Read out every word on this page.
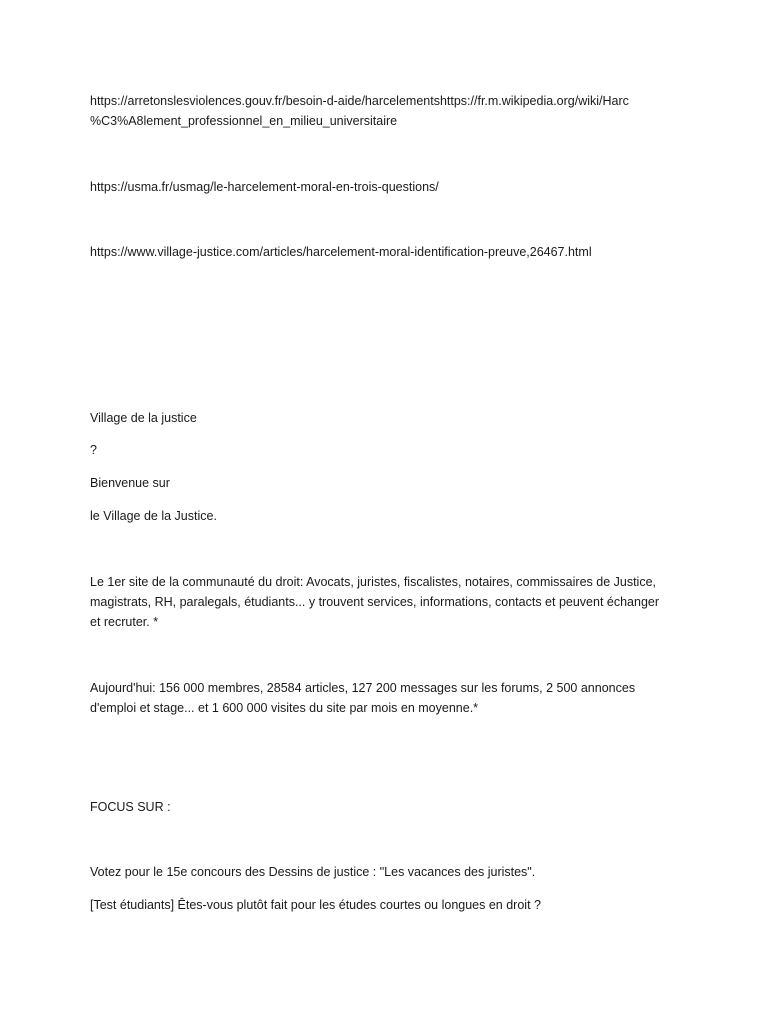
https://arretonslesviolences.gouv.fr/besoin-d-aide/harcelementshttps://fr.m.wikipedia.org/wiki/Harc
%C3%A8lement_professionnel_en_milieu_universitaire

https://usma.fr/usmag/le-harcelement-moral-en-trois-questions/

https://www.village-justice.com/articles/harcelement-moral-identification-preuve,26467.html

Village de la justice

?

Bienvenue sur

le Village de la Justice.

Le 1er site de la communauté du droit: Avocats, juristes, fiscalistes, notaires, commissaires de Justice,
magistrats, RH, paralegals, étudiants... y trouvent services, informations, contacts et peuvent échanger
et recruter. *

Aujourd'hui: 156 000 membres, 28584 articles, 127 200 messages sur les forums, 2 500 annonces
d'emploi et stage... et 1 600 000 visites du site par mois en moyenne.*

FOCUS SUR :

Votez pour le 15e concours des Dessins de justice : "Les vacances des juristes".

[Test étudiants] Êtes-vous plutôt fait pour les études courtes ou longues en droit ?
